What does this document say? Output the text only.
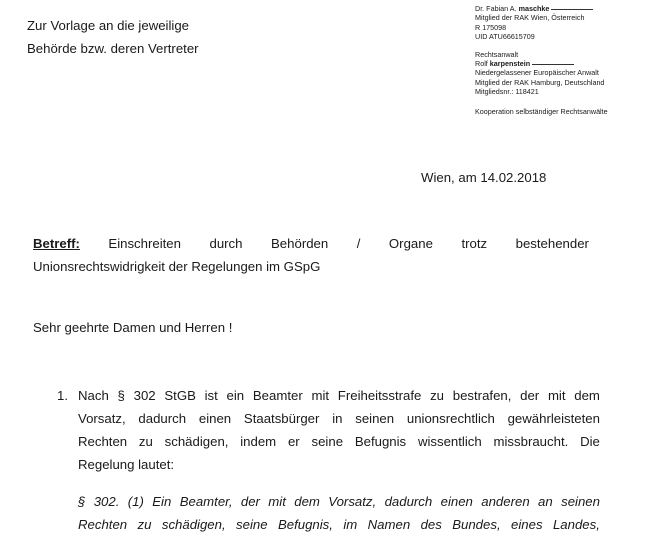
Zur Vorlage an die jeweilige
Behörde bzw. deren Vertreter
Dr. Fabian A. maschke
Mitglied der RAK Wien, Österreich
R 175098
UID ATU66615709
Rechtsanwalt
Rolf karpenstein
Niedergelassener Europäischer Anwalt
Mitglied der RAK Hamburg, Deutschland
Mitgliedsnr.: 118421
Kooperation selbständiger Rechtsanwälte
Wien, am 14.02.2018
Betreff: Einschreiten durch Behörden / Organe trotz bestehender
Unionsrechtswidrigkeit der Regelungen im GSpG
Sehr geehrte Damen und Herren !
1. Nach § 302 StGB ist ein Beamter mit Freiheitsstrafe zu bestrafen, der mit dem
Vorsatz, dadurch einen Staatsbürger in seinen unionsrechtlich gewährleisteten
Rechten zu schädigen, indem er seine Befugnis wissentlich missbraucht. Die
Regelung lautet:
§ 302. (1) Ein Beamter, der mit dem Vorsatz, dadurch einen anderen an seinen
Rechten zu schädigen, seine Befugnis, im Namen des Bundes, eines Landes,
